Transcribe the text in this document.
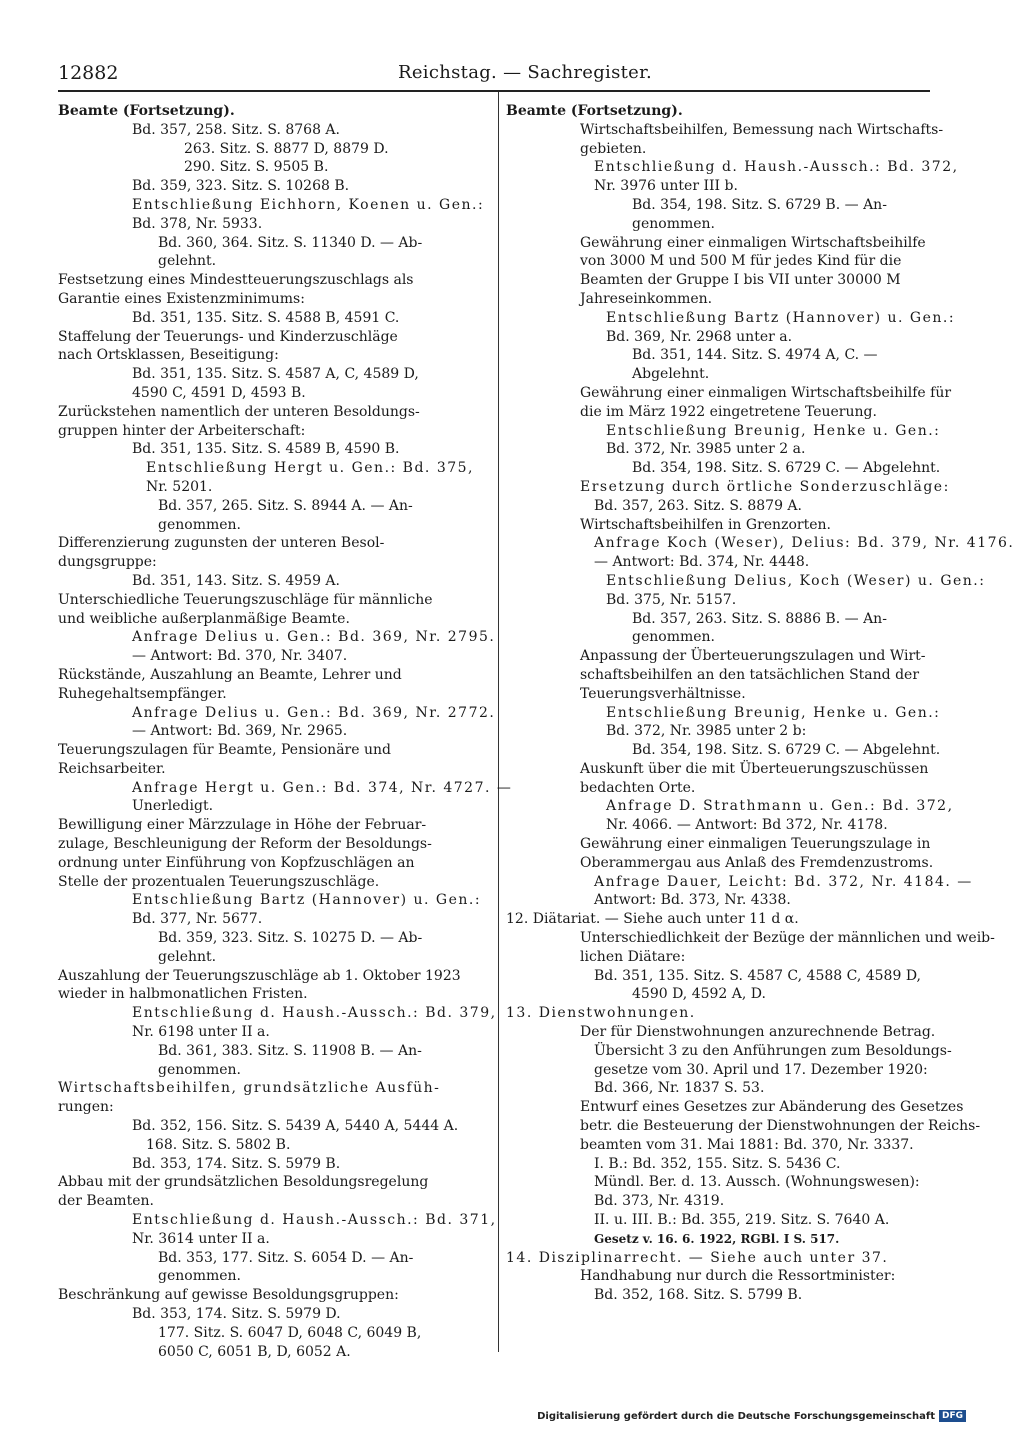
12882	Reichstag. — Sachregister.
Beamte (Fortsetzung).
Bd. 357, 258. Sitz. S. 8768 A.
263. Sitz. S. 8877 D, 8879 D.
290. Sitz. S. 9505 B.
Bd. 359, 323. Sitz. S. 10268 B.
Entschließung Eichhorn, Koenen u. Gen.:
Bd. 378, Nr. 5933.
Bd. 360, 364. Sitz. S. 11340 D. — Ab-
gelehnt.
Festsetzung eines Mindestteuerungszuschlags als
Garantie eines Existenzminimums:
Bd. 351, 135. Sitz. S. 4588 B, 4591 C.
Staffelung der Teuerungs- und Kinderzuschläge
nach Ortsklassen, Beseitigung:
Bd. 351, 135. Sitz. S. 4587 A, C, 4589 D,
4590 C, 4591 D, 4593 B.
Zurückstehen namentlich der unteren Besoldungs-
gruppen hinter der Arbeiterschaft:
Bd. 351, 135. Sitz. S. 4589 B, 4590 B.
Entschließung Hergt u. Gen.: Bd. 375,
Nr. 5201.
Bd. 357, 265. Sitz. S. 8944 A. — An-
genommen.
Differenzierung zugunsten der unteren Besol-
dungsgruppe:
Bd. 351, 143. Sitz. S. 4959 A.
Unterschiedliche Teuerungszuschläge für männliche
und weibliche außerplanmäßige Beamte.
Anfrage Delius u. Gen.: Bd. 369, Nr. 2795.
— Antwort: Bd. 370, Nr. 3407.
Rückstände, Auszahlung an Beamte, Lehrer und
Ruhegehaltsempfänger.
Anfrage Delius u. Gen.: Bd. 369, Nr. 2772.
— Antwort: Bd. 369, Nr. 2965.
Teuerungszulagen für Beamte, Pensionäre und
Reichsarbeiter.
Anfrage Hergt u. Gen.: Bd. 374, Nr. 4727. —
Unerledigt.
Bewilligung einer Märzzulage in Höhe der Februar-
zulage, Beschleunigung der Reform der Besoldungs-
ordnung unter Einführung von Kopfzuschlägen an
Stelle der prozentualen Teuerungszuschläge.
Entschließung Bartz (Hannover) u. Gen.:
Bd. 377, Nr. 5677.
Bd. 359, 323. Sitz. S. 10275 D. — Ab-
gelehnt.
Auszahlung der Teuerungszuschläge ab 1. Oktober 1923
wieder in halbmonatlichen Fristen.
Entschließung d. Haush.-Aussch.: Bd. 379,
Nr. 6198 unter II a.
Bd. 361, 383. Sitz. S. 11908 B. — An-
genommen.
Wirtschaftsbeihilfen, grundsätzliche Ausfüh-
rungen:
Bd. 352, 156. Sitz. S. 5439 A, 5440 A, 5444 A.
168. Sitz. S. 5802 B.
Bd. 353, 174. Sitz. S. 5979 B.
Abbau mit der grundsätzlichen Besoldungsregelung
der Beamten.
Entschließung d. Haush.-Aussch.: Bd. 371,
Nr. 3614 unter II a.
Bd. 353, 177. Sitz. S. 6054 D. — An-
genommen.
Beschränkung auf gewisse Besoldungsgruppen:
Bd. 353, 174. Sitz. S. 5979 D.
177. Sitz. S. 6047 D, 6048 C, 6049 B,
6050 C, 6051 B, D, 6052 A.
Beamte (Fortsetzung).
Wirtschaftsbeihilfen, Bemessung nach Wirtschafts-
gebieten.
Entschließung d. Haush.-Aussch.: Bd. 372,
Nr. 3976 unter III b.
Bd. 354, 198. Sitz. S. 6729 B. — An-
genommen.
Gewährung einer einmaligen Wirtschaftsbeihilfe
von 3000 M und 500 M für jedes Kind für die
Beamten der Gruppe I bis VII unter 30000 M
Jahreseinkommen.
Entschließung Bartz (Hannover) u. Gen.:
Bd. 369, Nr. 2968 unter a.
Bd. 351, 144. Sitz. S. 4974 A, C. —
Abgelehnt.
Gewährung einer einmaligen Wirtschaftsbeihilfe für
die im März 1922 eingetretene Teuerung.
Entschließung Breunig, Henke u. Gen.:
Bd. 372, Nr. 3985 unter 2 a.
Bd. 354, 198. Sitz. S. 6729 C. — Abgelehnt.
Ersetzung durch örtliche Sonderzuschläge:
Bd. 357, 263. Sitz. S. 8879 A.
Wirtschaftsbeihilfen in Grenzorten.
Anfrage Koch (Weser), Delius: Bd. 379, Nr. 4176.
— Antwort: Bd. 374, Nr. 4448.
Entschließung Delius, Koch (Weser) u. Gen.:
Bd. 375, Nr. 5157.
Bd. 357, 263. Sitz. S. 8886 B. — An-
genommen.
Anpassung der Überteuerungszulagen und Wirt-
schaftsbeihilfen an den tatsächlichen Stand der
Teuerungsverhältnisse.
Entschließung Breunig, Henke u. Gen.:
Bd. 372, Nr. 3985 unter 2 b:
Bd. 354, 198. Sitz. S. 6729 C. — Abgelehnt.
Auskunft über die mit Überteuerungszuschüssen
bedachten Orte.
Anfrage D. Strathmann u. Gen.: Bd. 372,
Nr. 4066. — Antwort: Bd 372, Nr. 4178.
Gewährung einer einmaligen Teuerungszulage in
Oberammergau aus Anlaß des Fremdenzustroms.
Anfrage Dauer, Leicht: Bd. 372, Nr. 4184. —
Antwort: Bd. 373, Nr. 4338.
12. Diätariat. — Siehe auch unter 11 d α.
Unterschiedlichkeit der Bezüge der männlichen und weib-
lichen Diätare:
Bd. 351, 135. Sitz. S. 4587 C, 4588 C, 4589 D,
4590 D, 4592 A, D.
13. Dienstwohnungen.
Der für Dienstwohnungen anzurechnende Betrag.
Übersicht 3 zu den Anführungen zum Besoldungs-
gesetze vom 30. April und 17. Dezember 1920:
Bd. 366, Nr. 1837 S. 53.
Entwurf eines Gesetzes zur Abänderung des Gesetzes
betr. die Besteuerung der Dienstwohnungen der Reichs-
beamten vom 31. Mai 1881: Bd. 370, Nr. 3337.
I. B.: Bd. 352, 155. Sitz. S. 5436 C.
Mündl. Ber. d. 13. Aussch. (Wohnungswesen):
Bd. 373, Nr. 4319.
II. u. III. B.: Bd. 355, 219. Sitz. S. 7640 A.
Gesetz v. 16. 6. 1922, RGBl. I S. 517.
14. Disziplinarrecht. — Siehe auch unter 37.
Handhabung nur durch die Ressortminister:
Bd. 352, 168. Sitz. S. 5799 B.
Digitalisierung gefördert durch die Deutsche Forschungsgemeinschaft DFG
